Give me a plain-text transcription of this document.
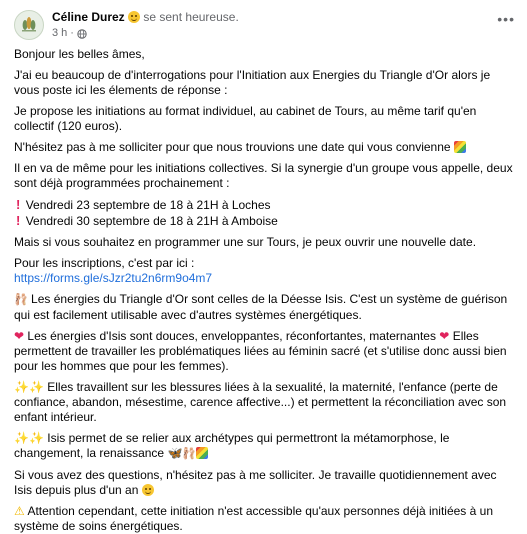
Céline Durez se sent heureuse.
3 h ·
•••

Bonjour les belles âmes,

J'ai eu beaucoup de d'interrogations pour l'Initiation aux Energies du Triangle d'Or alors je vous poste ici les élements de réponse :

Je propose les initiations au format individuel, au cabinet de Tours, au même tarif qu'en collectif (120 euros).

N'hésitez pas à me solliciter pour que nous trouvions une date qui vous convienne

Il en va de même pour les initiations collectives. Si la synergie d'un groupe vous appelle, deux sont déjà programmées prochainement :

! Vendredi 23 septembre de 18 à 21H à Loches
! Vendredi 30 septembre de 18 à 21H à Amboise

Mais si vous souhaitez en programmer une sur Tours, je peux ouvrir une nouvelle date.

Pour les inscriptions, c'est par ici :
https://forms.gle/sJzr2tu2n6rm9o4m7

🩰 Les énergies du Triangle d'Or sont celles de la Déesse Isis. C'est un système de guérison qui est facilement utilisable avec d'autres systèmes énergétiques.

❤ Les énergies d'Isis sont douces, enveloppantes, réconfortantes, maternantes ❤ Elles permettent de travailler les problématiques liées au féminin sacré (et s'utilise donc aussi bien pour les hommes que pour les femmes).

✨✨ Elles travaillent sur les blessures liées à la sexualité, la maternité, l'enfance (perte de confiance, abandon, mésestime, carence affective...) et permettent la réconciliation avec son enfant intérieur.

✨✨ Isis permet de se relier aux archétypes qui permettront la métamorphose, le changement, la renaissance 🦋🩰

Si vous avez des questions, n'hésitez pas à me solliciter. Je travaille quotidiennement avec Isis depuis plus d'un an

⚠ Attention cependant, cette initiation n'est accessible qu'aux personnes déjà initiées à un système de soins énergétiques.
